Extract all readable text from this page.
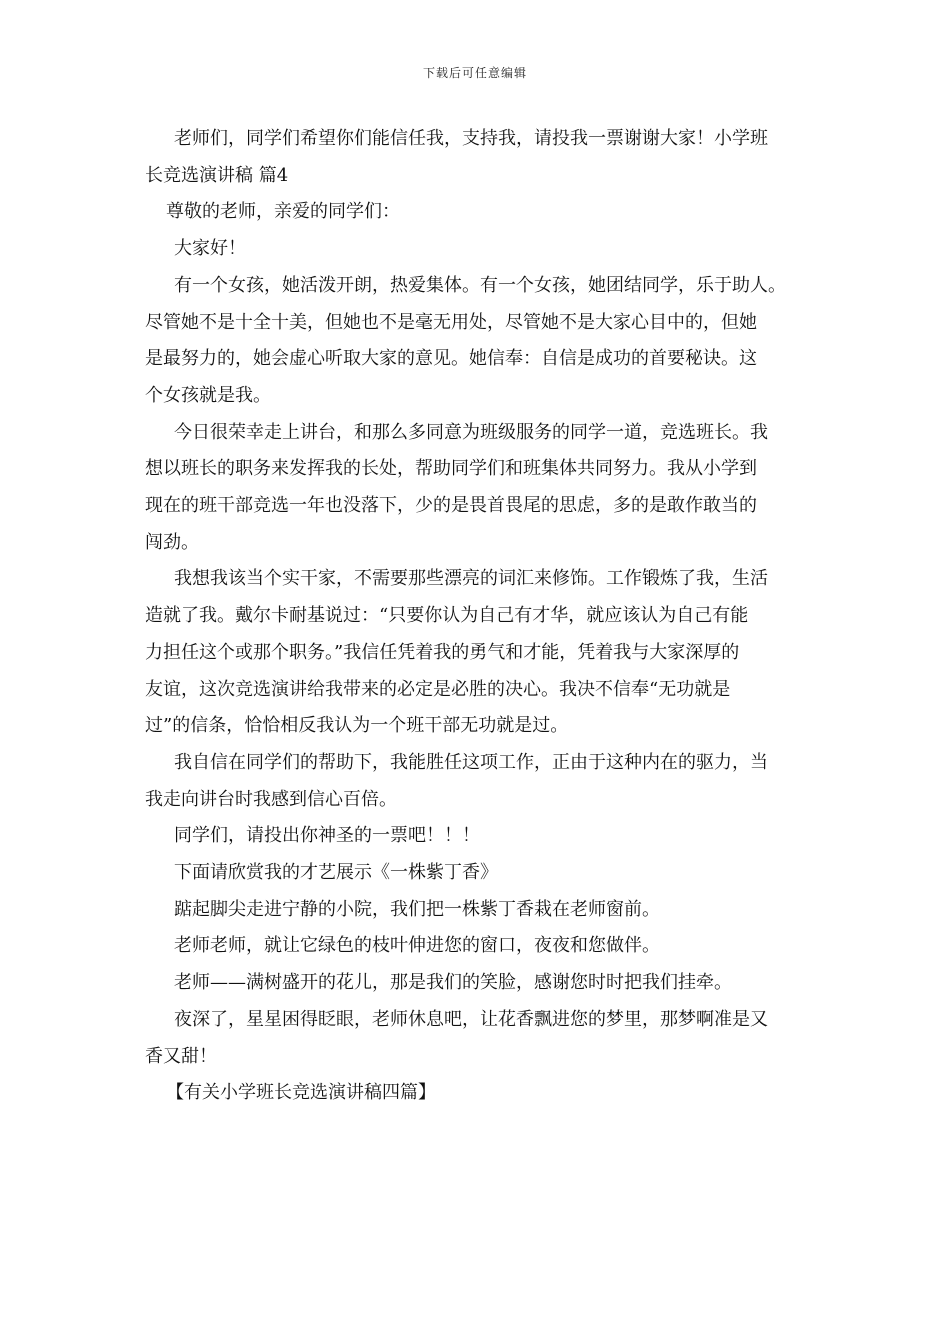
下载后可任意编辑
老师们，同学们希望你们能信任我，支持我，请投我一票谢谢大家！小学班
长竞选演讲稿 篇4
尊敬的老师，亲爱的同学们：
大家好！
有一个女孩，她活泼开朗，热爱集体。有一个女孩，她团结同学，乐于助人。
尽管她不是十全十美，但她也不是毫无用处，尽管她不是大家心目中的，但她
是最努力的，她会虚心听取大家的意见。她信奉：自信是成功的首要秘诀。这
个女孩就是我。
今日很荣幸走上讲台，和那么多同意为班级服务的同学一道，竞选班长。我
想以班长的职务来发挥我的长处，帮助同学们和班集体共同努力。我从小学到
现在的班干部竞选一年也没落下，少的是畏首畏尾的思虑，多的是敢作敢当的
闯劲。
我想我该当个实干家，不需要那些漂亮的词汇来修饰。工作锻炼了我，生活
造就了我。戴尔卡耐基说过：“只要你认为自己有才华，就应该认为自己有能
力担任这个或那个职务。”我信任凭着我的勇气和才能，凭着我与大家深厚的
友谊，这次竞选演讲给我带来的必定是必胜的决心。我决不信奉“无功就是
过”的信条，恰恰相反我认为一个班干部无功就是过。
我自信在同学们的帮助下，我能胜任这项工作，正由于这种内在的驱力，当
我走向讲台时我感到信心百倍。
同学们，请投出你神圣的一票吧！！！
下面请欣赏我的才艺展示《一株紫丁香》
踮起脚尖走进宁静的小院，我们把一株紫丁香栽在老师窗前。
老师老师，就让它绿色的枝叶伸进您的窗口，夜夜和您做伴。
老师——满树盛开的花儿，那是我们的笑脸，感谢您时时把我们挂牵。
夜深了，星星困得眨眼，老师休息吧，让花香飘进您的梦里，那梦啊准是又
香又甜！
【有关小学班长竞选演讲稿四篇】
